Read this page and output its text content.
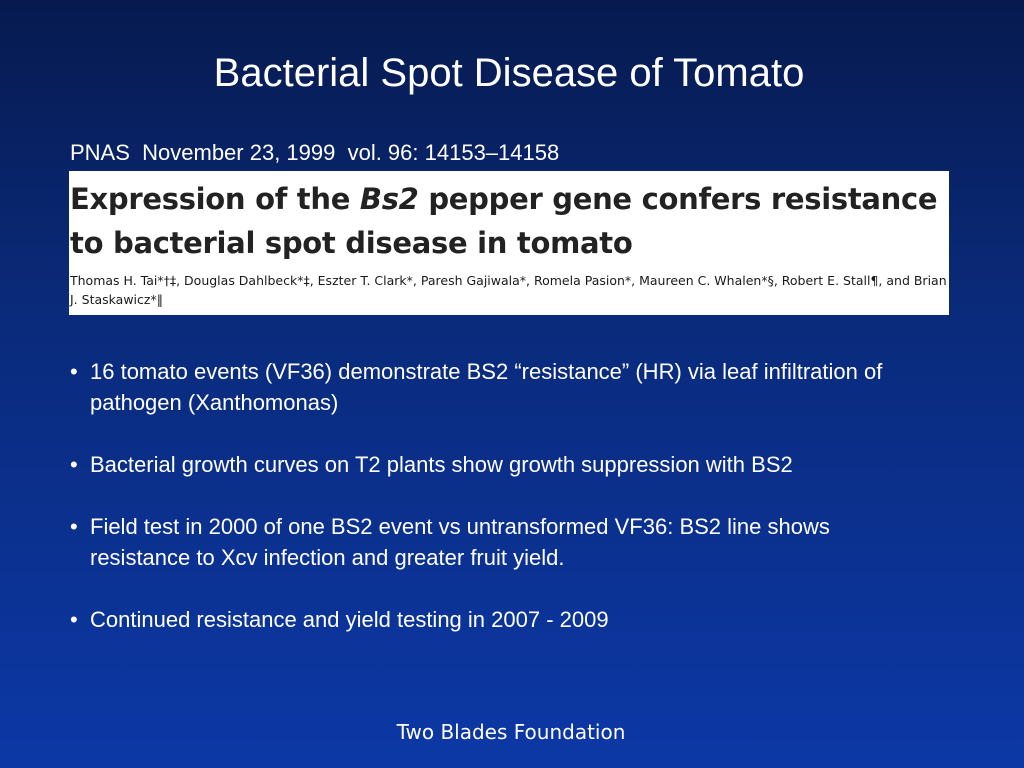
Bacterial Spot Disease of Tomato
PNAS  November 23, 1999  vol. 96: 14153–14158
Expression of the Bs2 pepper gene confers resistance to bacterial spot disease in tomato
Thomas H. Tai*†‡, Douglas Dahlbeck*‡, Eszter T. Clark*, Paresh Gajiwala*, Romela Pasion*, Maureen C. Whalen*§, Robert E. Stall¶, and Brian J. Staskawicz*‖
• 16 tomato events (VF36) demonstrate BS2 “resistance” (HR) via leaf infiltration of pathogen (Xanthomonas)
• Bacterial growth curves on T2 plants show growth suppression with BS2
• Field test in 2000 of one BS2 event vs untransformed VF36: BS2 line shows resistance to Xcv infection and greater fruit yield.
• Continued resistance and yield testing in 2007 - 2009
Two Blades Foundation
